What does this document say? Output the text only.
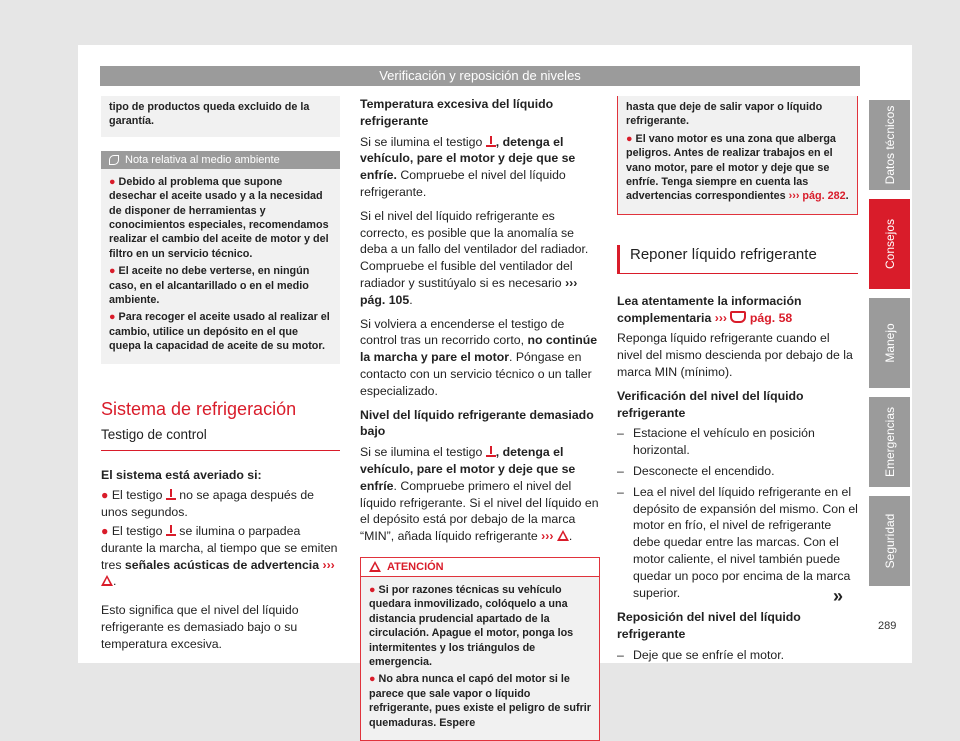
Verificación y reposición de niveles
tipo de productos queda excluido de la garantía.
Nota relativa al medio ambiente

● Debido al problema que supone desechar el aceite usado y a la necesidad de disponer de herramientas y conocimientos especiales, recomendamos realizar el cambio del aceite de motor y del filtro en un servicio técnico.

● El aceite no debe verterse, en ningún caso, en el alcantarillado o en el medio ambiente.

● Para recoger el aceite usado al realizar el cambio, utilice un depósito en el que quepa la capacidad de aceite de su motor.

Sistema de refrigeración
Testigo de control

El sistema está averiado si:

● El testigo no se apaga después de unos segundos.

● El testigo se ilumina o parpadea durante la marcha, al tiempo que se emiten tres señales acústicas de advertencia ››› .

Esto significa que el nivel del líquido refrigerante es demasiado bajo o su temperatura excesiva.

Temperatura excesiva del líquido refrigerante

Si se ilumina el testigo , detenga el vehículo, pare el motor y deje que se enfríe. Compruebe el nivel del líquido refrigerante.

Si el nivel del líquido refrigerante es correcto, es posible que la anomalía se deba a un fallo del ventilador del radiador. Compruebe el fusible del ventilador del radiador y sustitúyalo si es necesario ››› pág. 105.

Si volviera a encenderse el testigo de control tras un recorrido corto, no continúe la marcha y pare el motor. Póngase en contacto con un servicio técnico o un taller especializado.

Nivel del líquido refrigerante demasiado bajo

Si se ilumina el testigo , detenga el vehículo, pare el motor y deje que se enfríe. Compruebe primero el nivel del líquido refrigerante. Si el nivel del líquido en el depósito está por debajo de la marca “MIN”, añada líquido refrigerante ››› .

ATENCIÓN

● Si por razones técnicas su vehículo quedara inmovilizado, colóquelo a una distancia prudencial apartado de la circulación. Apague el motor, ponga los intermitentes y los triángulos de emergencia.

● No abra nunca el capó del motor si le parece que sale vapor o líquido refrigerante, pues existe el peligro de sufrir quemaduras. Espere

hasta que deje de salir vapor o líquido refrigerante.

● El vano motor es una zona que alberga peligros. Antes de realizar trabajos en el vano motor, pare el motor y deje que se enfríe. Tenga siempre en cuenta las advertencias correspondientes ››› pág. 282.

Reponer líquido refrigerante

Lea atentamente la información complementaria ››› pág. 58

Reponga líquido refrigerante cuando el nivel del mismo descienda por debajo de la marca MIN (mínimo).

Verificación del nivel del líquido refrigerante

– Estacione el vehículo en posición horizontal.
– Desconecte el encendido.
– Lea el nivel del líquido refrigerante en el depósito de expansión del mismo. Con el motor en frío, el nivel de refrigerante debe quedar entre las marcas. Con el motor caliente, el nivel también puede quedar un poco por encima de la marca superior.

Reposición del nivel del líquido refrigerante

– Deje que se enfríe el motor.
»
Datos técnicos
Consejos
Manejo
Emergencias
Seguridad
289
